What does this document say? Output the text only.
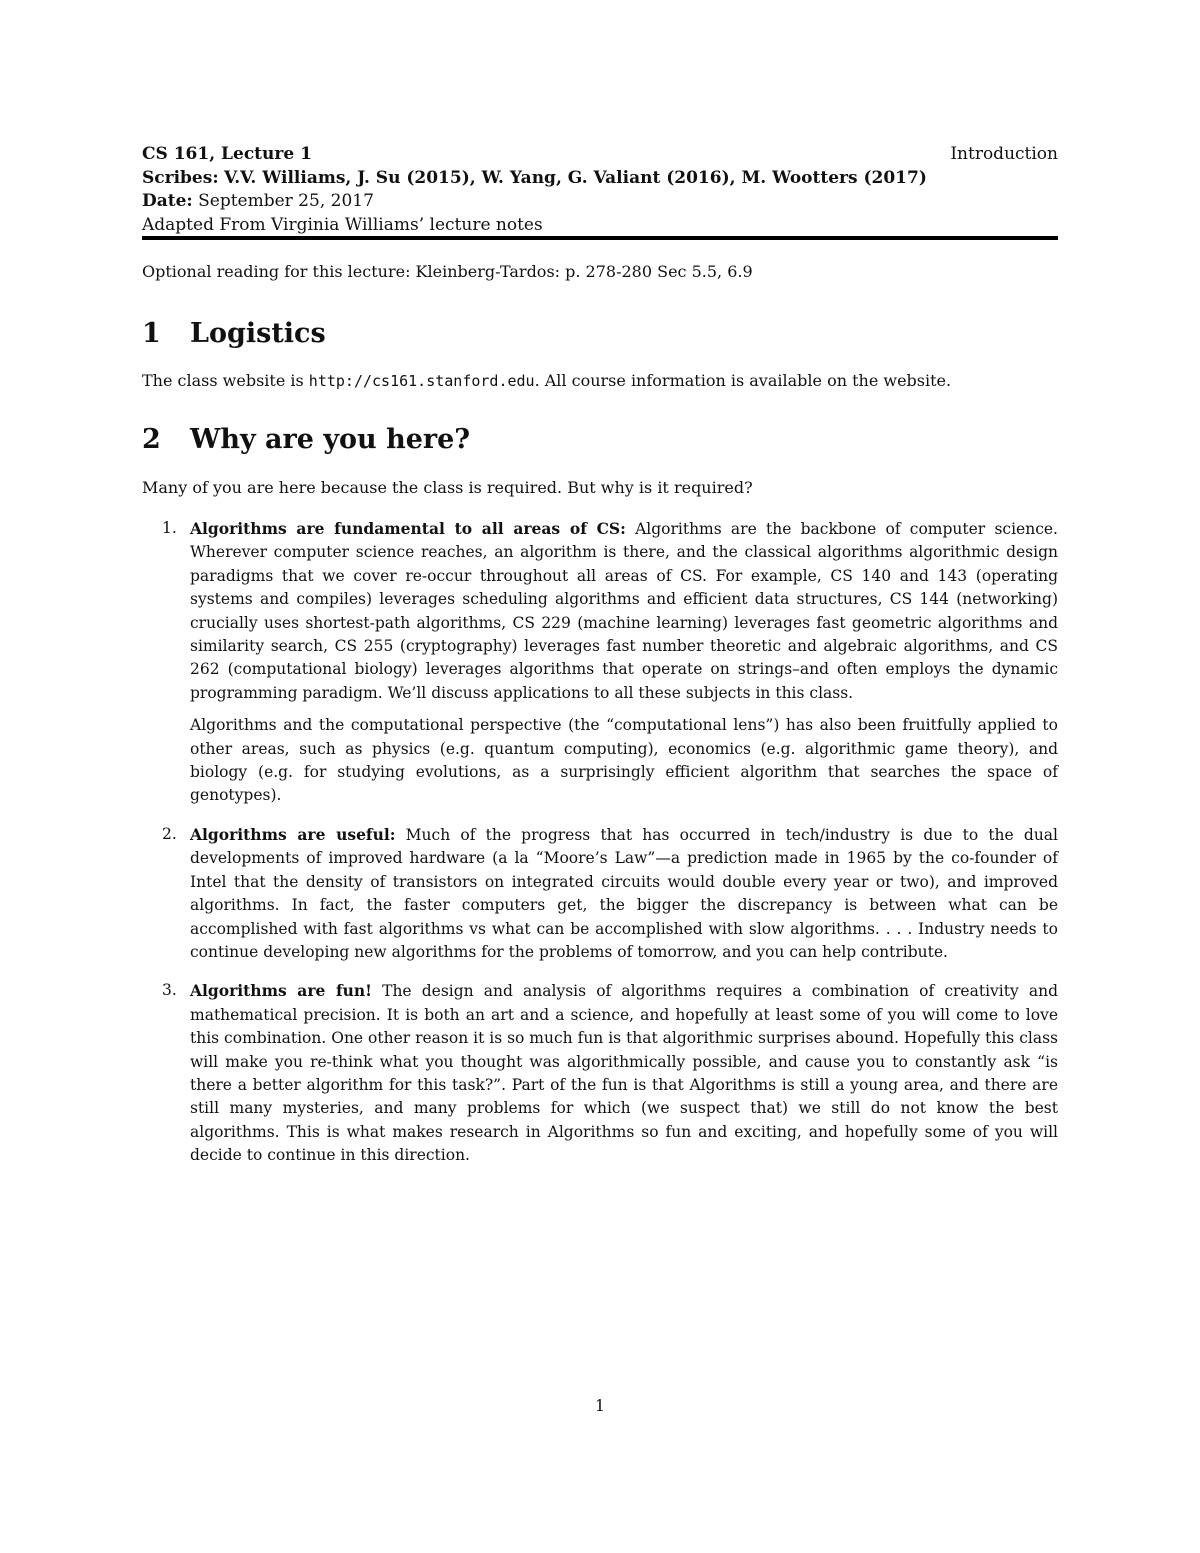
CS 161, Lecture 1	Introduction
Scribes: V.V. Williams, J. Su (2015), W. Yang, G. Valiant (2016), M. Wootters (2017)
Date: September 25, 2017
Adapted From Virginia Williams’ lecture notes
Optional reading for this lecture: Kleinberg-Tardos: p. 278-280 Sec 5.5, 6.9
1 Logistics
The class website is http://cs161.stanford.edu. All course information is available on the website.
2 Why are you here?
Many of you are here because the class is required. But why is it required?
1. Algorithms are fundamental to all areas of CS: Algorithms are the backbone of computer science. Wherever computer science reaches, an algorithm is there, and the classical algorithms algorithmic design paradigms that we cover re-occur throughout all areas of CS. For example, CS 140 and 143 (operating systems and compiles) leverages scheduling algorithms and efficient data structures, CS 144 (networking) crucially uses shortest-path algorithms, CS 229 (machine learning) leverages fast geometric algorithms and similarity search, CS 255 (cryptography) leverages fast number theoretic and algebraic algorithms, and CS 262 (computational biology) leverages algorithms that operate on strings–and often employs the dynamic programming paradigm. We’ll discuss applications to all these subjects in this class.

Algorithms and the computational perspective (the “computational lens”) has also been fruitfully applied to other areas, such as physics (e.g. quantum computing), economics (e.g. algorithmic game theory), and biology (e.g. for studying evolutions, as a surprisingly efficient algorithm that searches the space of genotypes).

2. Algorithms are useful: Much of the progress that has occurred in tech/industry is due to the dual developments of improved hardware (a la “Moore’s Law”—a prediction made in 1965 by the co-founder of Intel that the density of transistors on integrated circuits would double every year or two), and improved algorithms. In fact, the faster computers get, the bigger the discrepancy is between what can be accomplished with fast algorithms vs what can be accomplished with slow algorithms. . . . Industry needs to continue developing new algorithms for the problems of tomorrow, and you can help contribute.

3. Algorithms are fun! The design and analysis of algorithms requires a combination of creativity and mathematical precision. It is both an art and a science, and hopefully at least some of you will come to love this combination. One other reason it is so much fun is that algorithmic surprises abound. Hopefully this class will make you re-think what you thought was algorithmically possible, and cause you to constantly ask “is there a better algorithm for this task?”. Part of the fun is that Algorithms is still a young area, and there are still many mysteries, and many problems for which (we suspect that) we still do not know the best algorithms. This is what makes research in Algorithms so fun and exciting, and hopefully some of you will decide to continue in this direction.

1
